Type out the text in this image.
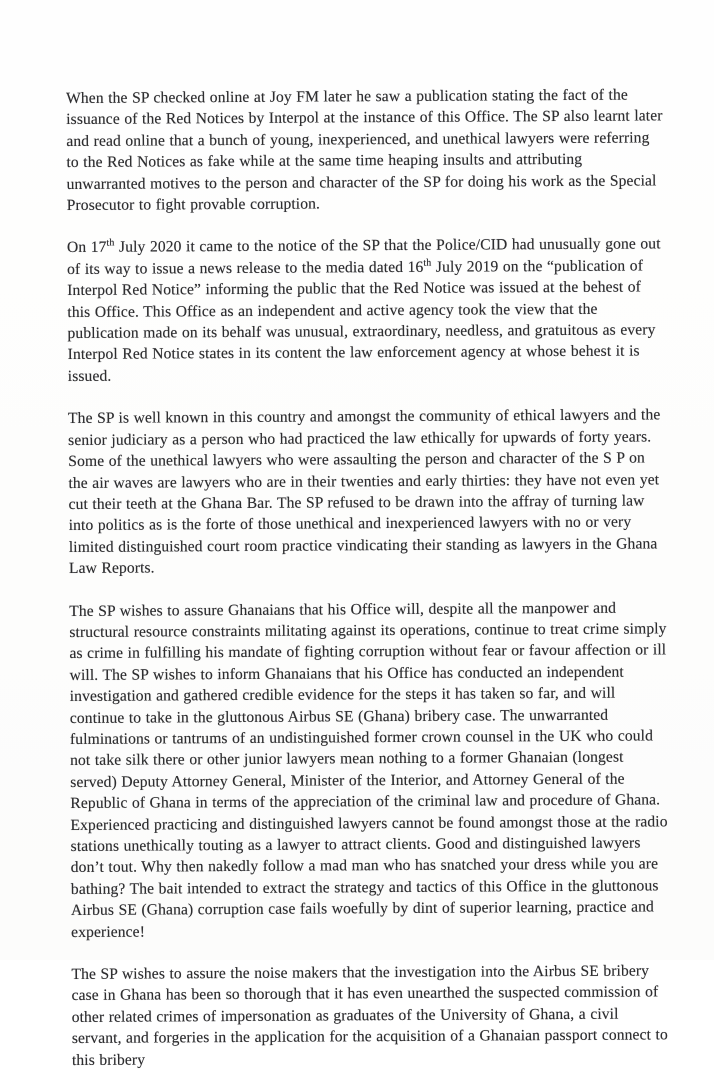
When the SP checked online at Joy FM later he saw a publication stating the fact of the issuance of the Red Notices by Interpol at the instance of this Office. The SP also learnt later and read online that a bunch of young, inexperienced, and unethical lawyers were referring to the Red Notices as fake while at the same time heaping insults and attributing unwarranted motives to the person and character of the SP for doing his work as the Special Prosecutor to fight provable corruption.

On 17th July 2020 it came to the notice of the SP that the Police/CID had unusually gone out of its way to issue a news release to the media dated 16th July 2019 on the “publication of Interpol Red Notice” informing the public that the Red Notice was issued at the behest of this Office. This Office as an independent and active agency took the view that the publication made on its behalf was unusual, extraordinary, needless, and gratuitous as every Interpol Red Notice states in its content the law enforcement agency at whose behest it is issued.

The SP is well known in this country and amongst the community of ethical lawyers and the senior judiciary as a person who had practiced the law ethically for upwards of forty years. Some of the unethical lawyers who were assaulting the person and character of the S P on the air waves are lawyers who are in their twenties and early thirties: they have not even yet cut their teeth at the Ghana Bar. The SP refused to be drawn into the affray of turning law into politics as is the forte of those unethical and inexperienced lawyers with no or very limited distinguished court room practice vindicating their standing as lawyers in the Ghana Law Reports.

The SP wishes to assure Ghanaians that his Office will, despite all the manpower and structural resource constraints militating against its operations, continue to treat crime simply as crime in fulfilling his mandate of fighting corruption without fear or favour affection or ill will. The SP wishes to inform Ghanaians that his Office has conducted an independent investigation and gathered credible evidence for the steps it has taken so far, and will continue to take in the gluttonous Airbus SE (Ghana) bribery case. The unwarranted fulminations or tantrums of an undistinguished former crown counsel in the UK who could not take silk there or other junior lawyers mean nothing to a former Ghanaian (longest served) Deputy Attorney General, Minister of the Interior, and Attorney General of the Republic of Ghana in terms of the appreciation of the criminal law and procedure of Ghana. Experienced practicing and distinguished lawyers cannot be found amongst those at the radio stations unethically touting as a lawyer to attract clients. Good and distinguished lawyers don’t tout. Why then nakedly follow a mad man who has snatched your dress while you are bathing? The bait intended to extract the strategy and tactics of this Office in the gluttonous Airbus SE (Ghana) corruption case fails woefully by dint of superior learning, practice and experience!

The SP wishes to assure the noise makers that the investigation into the Airbus SE bribery case in Ghana has been so thorough that it has even unearthed the suspected commission of other related crimes of impersonation as graduates of the University of Ghana, a civil servant, and forgeries in the application for the acquisition of a Ghanaian passport connect to this bribery
